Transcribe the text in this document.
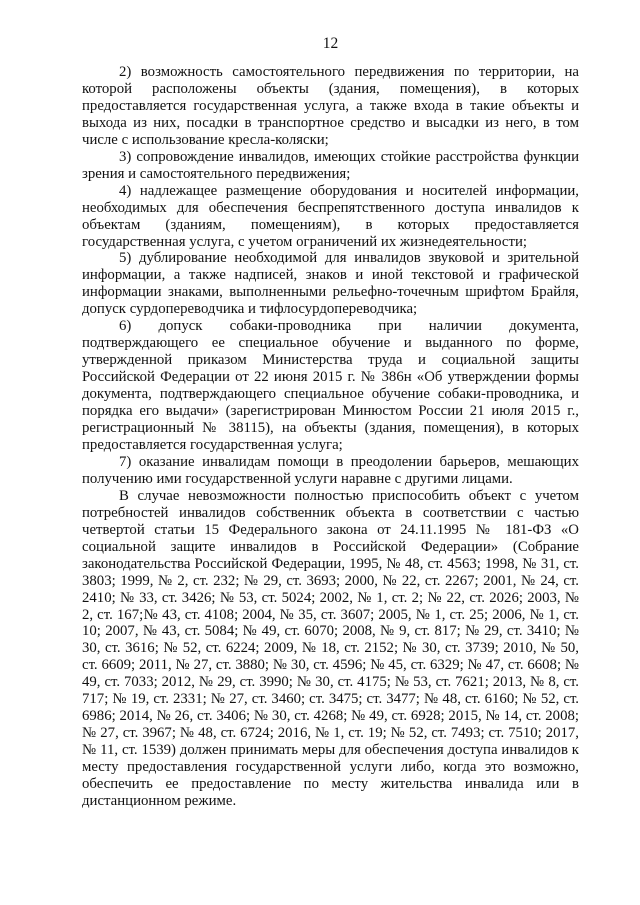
12

2) возможность самостоятельного передвижения по территории, на которой расположены объекты (здания, помещения), в которых предоставляется государственная услуга, а также входа в такие объекты и выхода из них, посадки в транспортное средство и высадки из него, в том числе с использование кресла-коляски;

3) сопровождение инвалидов, имеющих стойкие расстройства функции зрения и самостоятельного передвижения;

4) надлежащее размещение оборудования и носителей информации, необходимых для обеспечения беспрепятственного доступа инвалидов к объектам (зданиям, помещениям), в которых предоставляется государственная услуга, с учетом ограничений их жизнедеятельности;

5) дублирование необходимой для инвалидов звуковой и зрительной информации, а также надписей, знаков и иной текстовой и графической информации знаками, выполненными рельефно-точечным шрифтом Брайля, допуск сурдопереводчика и тифлосурдопереводчика;

6) допуск собаки-проводника при наличии документа, подтверждающего ее специальное обучение и выданного по форме, утвержденной приказом Министерства труда и социальной защиты Российской Федерации от 22 июня 2015 г. № 386н «Об утверждении формы документа, подтверждающего специальное обучение собаки-проводника, и порядка его выдачи» (зарегистрирован Минюстом России 21 июля 2015 г., регистрационный № 38115), на объекты (здания, помещения), в которых предоставляется государственная услуга;

7) оказание инвалидам помощи в преодолении барьеров, мешающих получению ими государственной услуги наравне с другими лицами.

В случае невозможности полностью приспособить объект с учетом потребностей инвалидов собственник объекта в соответствии с частью четвертой статьи 15 Федерального закона от 24.11.1995 № 181-ФЗ «О социальной защите инвалидов в Российской Федерации» (Собрание законодательства Российской Федерации, 1995, № 48, ст. 4563; 1998, № 31, ст. 3803; 1999, № 2, ст. 232; № 29, ст. 3693; 2000, № 22, ст. 2267; 2001, № 24, ст. 2410; № 33, ст. 3426; № 53, ст. 5024; 2002, № 1, ст. 2; № 22, ст. 2026; 2003, № 2, ст. 167;№ 43, ст. 4108; 2004, № 35, ст. 3607; 2005, № 1, ст. 25; 2006, № 1, ст. 10; 2007, № 43, ст. 5084; № 49, ст. 6070; 2008, № 9, ст. 817; № 29, ст. 3410; № 30, ст. 3616; № 52, ст. 6224; 2009, № 18, ст. 2152; № 30, ст. 3739; 2010, № 50, ст. 6609; 2011, № 27, ст. 3880; № 30, ст. 4596; № 45, ст. 6329; № 47, ст. 6608; № 49, ст. 7033; 2012, № 29, ст. 3990; № 30, ст. 4175; № 53, ст. 7621; 2013, № 8, ст. 717; № 19, ст. 2331; № 27, ст. 3460; ст. 3475; ст. 3477; № 48, ст. 6160; № 52, ст. 6986; 2014, № 26, ст. 3406; № 30, ст. 4268; № 49, ст. 6928; 2015, № 14, ст. 2008; № 27, ст. 3967; № 48, ст. 6724; 2016, № 1, ст. 19; № 52, ст. 7493; ст. 7510; 2017, № 11, ст. 1539) должен принимать меры для обеспечения доступа инвалидов к месту предоставления государственной услуги либо, когда это возможно, обеспечить ее предоставление по месту жительства инвалида или в дистанционном режиме.
